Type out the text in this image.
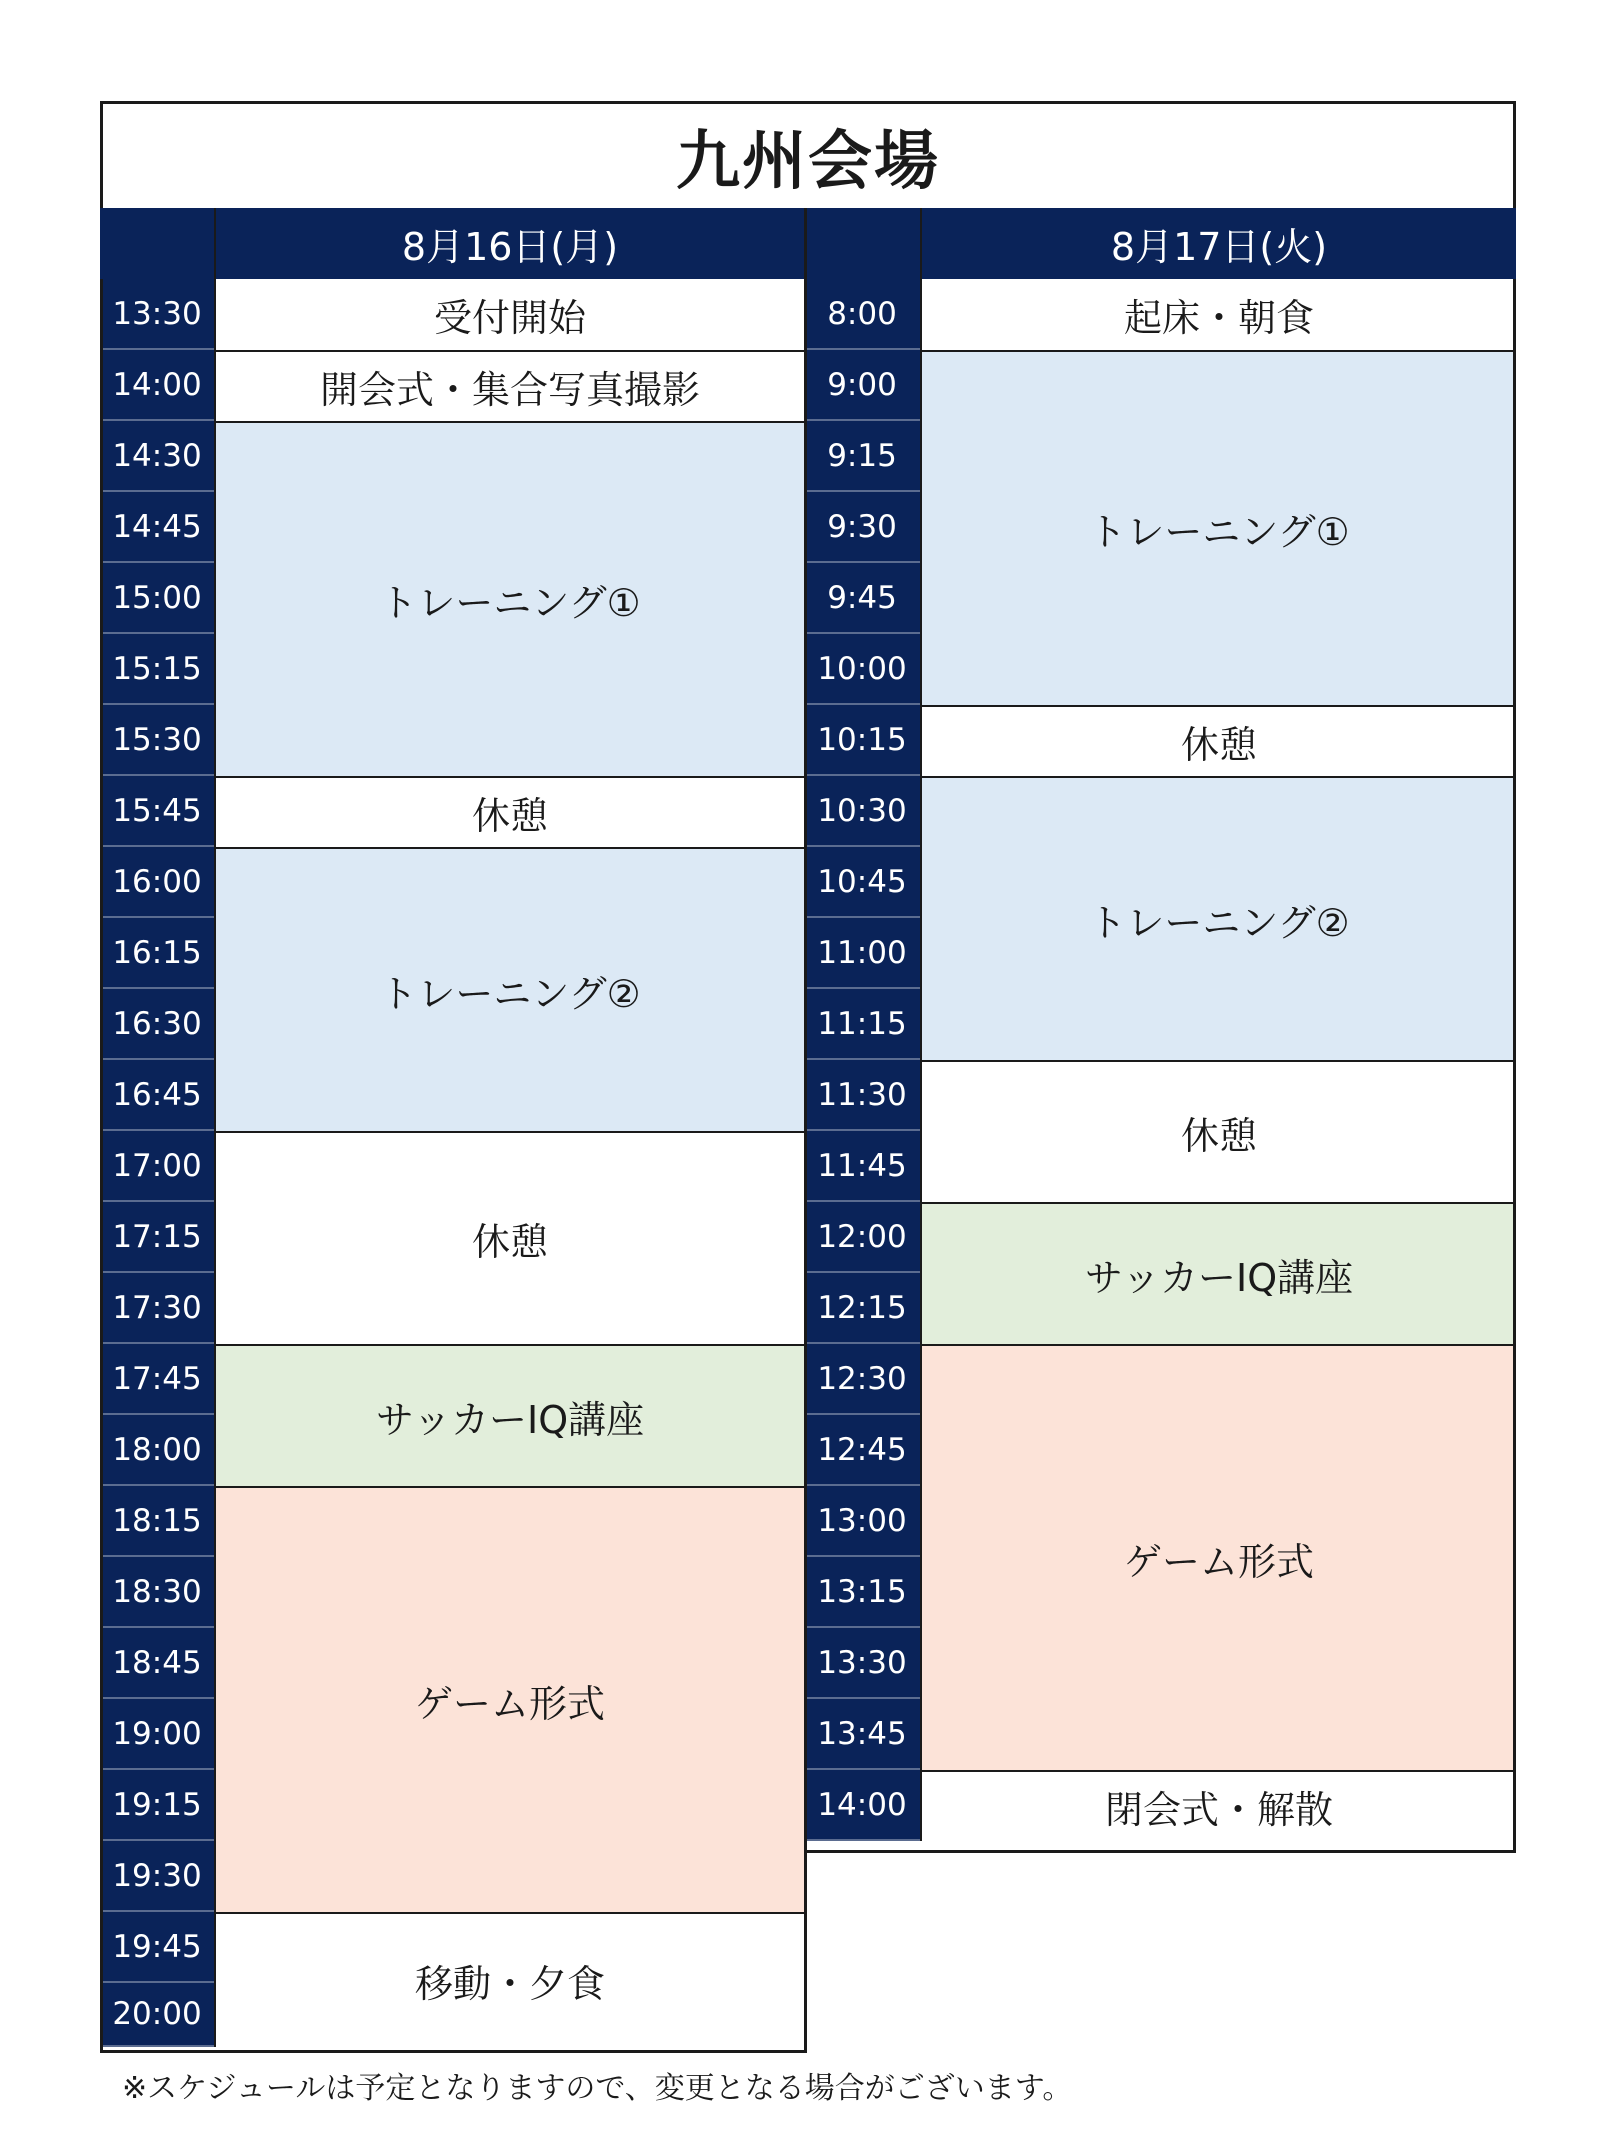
九州会場
8月16日(月)	8月17日(火)
13:30
14:00
14:30
14:45
15:00
15:15
15:30
15:45
16:00
16:15
16:30
16:45
17:00
17:15
17:30
17:45
18:00
18:15
18:30
18:45
19:00
19:15
19:30
19:45
20:00
受付開始
開会式・集合写真撮影
トレーニング①
休憩
トレーニング②
休憩
サッカーIQ講座
ゲーム形式
移動・夕食
8:00
9:00
9:15
9:30
9:45
10:00
10:15
10:30
10:45
11:00
11:15
11:30
11:45
12:00
12:15
12:30
12:45
13:00
13:15
13:30
13:45
14:00
起床・朝食
トレーニング①
休憩
トレーニング②
休憩
サッカーIQ講座
ゲーム形式
閉会式・解散
※スケジュールは予定となりますので、変更となる場合がございます。
